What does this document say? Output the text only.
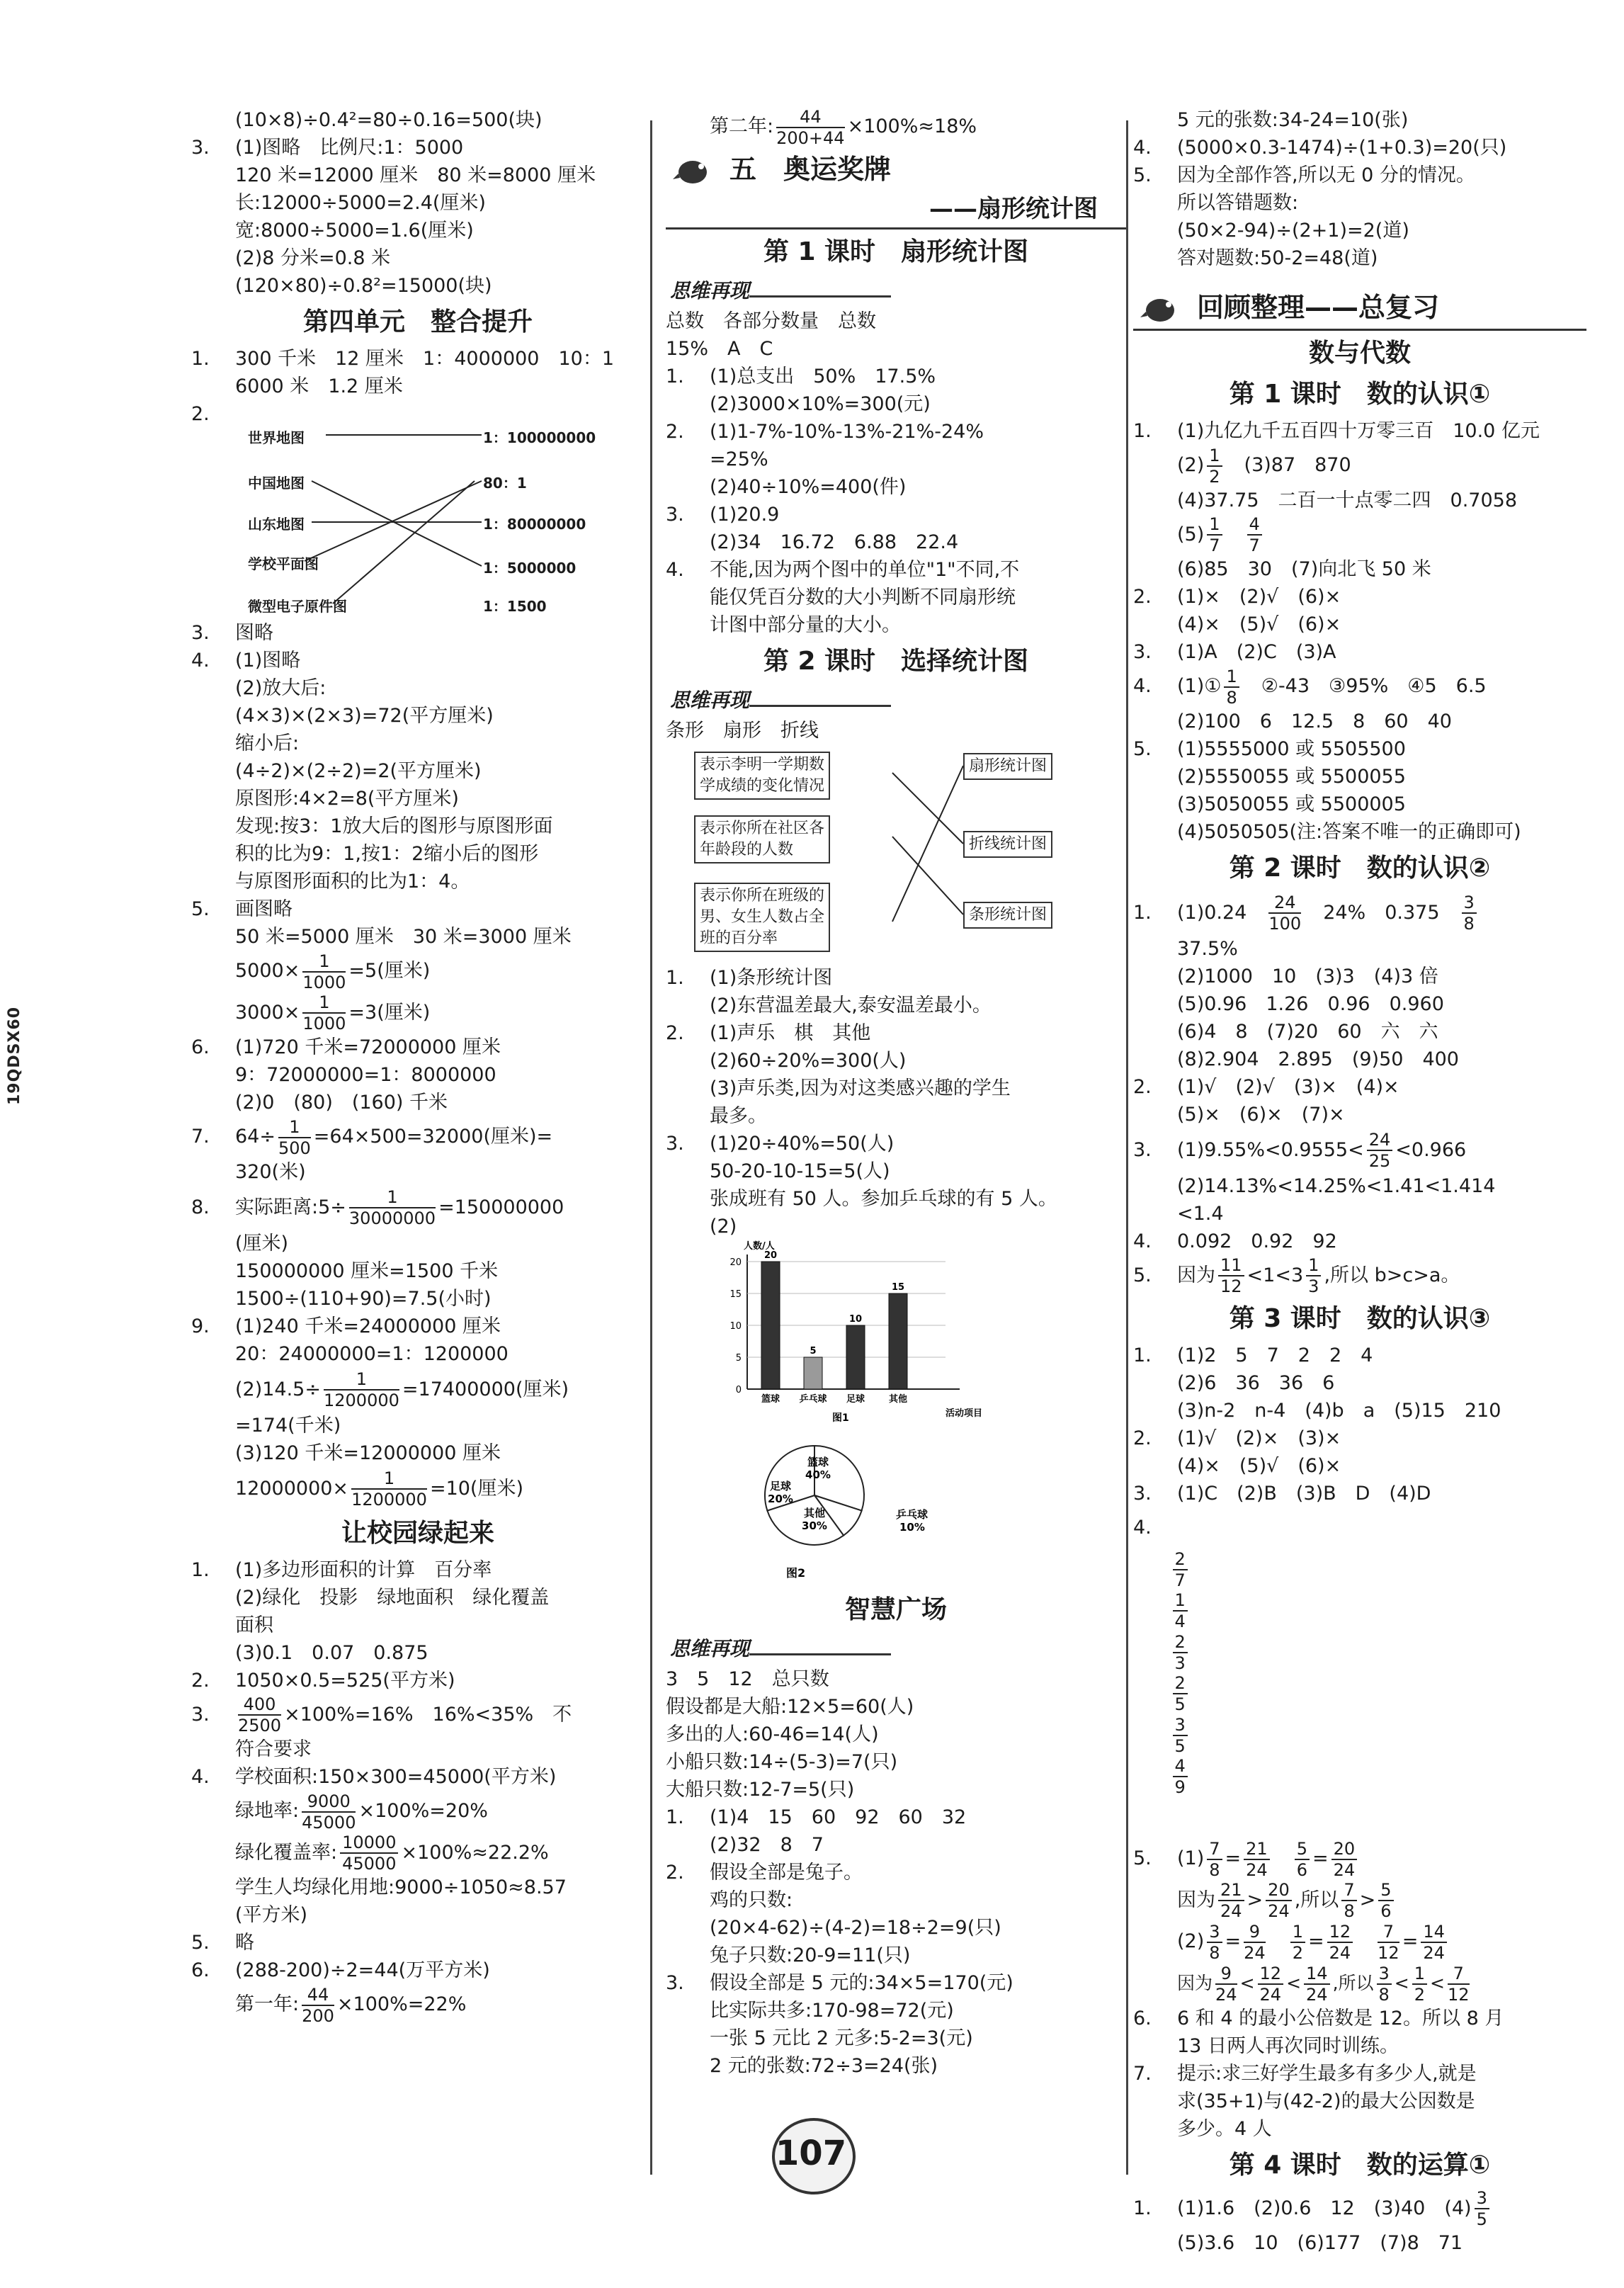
19QDSX60
(10×8)÷0.4²=80÷0.16=500(块)
3. (1)图略　比例尺:1：5000
120 米=12000 厘米　80 米=8000 厘米
长:12000÷5000=2.4(厘米)
宽:8000÷5000=1.6(厘米)
(2)8 分米=0.8 米
(120×80)÷0.8²=15000(块)
第四单元　整合提升
1. 300 千米　12 厘米　1：4000000　10：1
6000 米　1.2 厘米
2.
世界地图
中国地图
山东地图
学校平面图
微型电子原件图
1：100000000
80：1
1：80000000
1：5000000
1：1500
3. 图略
4. (1)图略
(2)放大后:
(4×3)×(2×3)=72(平方厘米)
缩小后:
(4÷2)×(2÷2)=2(平方厘米)
原图形:4×2=8(平方厘米)
发现:按3：1放大后的图形与原图形面
积的比为9：1,按1：2缩小后的图形
与原图形面积的比为1：4。
5. 画图略
50 米=5000 厘米　30 米=3000 厘米
$5000\times \frac{1}{1000} =5$(厘米)
$3000\times \frac{1}{1000} =3$(厘米)
6. (1)720 千米=72000000 厘米
9：72000000=1：8000000
(2)0　(80)　(160) 千米
7. $64\div \frac{1}{500} =64\times 500=32000$(厘米)=
320(米)
8. 实际距离:5÷ $\frac{1}{30000000} =150000000$
(厘米)
150000000 厘米=1500 千米
1500÷(110+90)=7.5(小时)
9. (1)240 千米=24000000 厘米
20：24000000=1：1200000
$(2)14.5\div \frac{1}{1200000} =17400000$(厘米)
=174(千米)
(3)120 千米=12000000 厘米
$12000000\times \frac{1}{1200000} =10$(厘米)
让校园绿起来
1. (1)多边形面积的计算　百分率
(2)绿化　投影　绿地面积　绿化覆盖
面积
(3)0.1　0.07　0.875
2. 1050×0.5=525(平方米)
3. $\frac{400}{2500} \times 100\%=16\%$　16%<35%　不
符合要求
4. 学校面积:150×300=45000(平方米)
绿地率: $\frac{9000}{45000} \times 100\%=20\%$
绿化覆盖率: $\frac{10000}{45000} \times 100\%\approx 22.2\%$
学生人均绿化用地:9000÷1050≈8.57
(平方米)
5. 略
6. (288-200)÷2=44(万平方米)
第一年: $\frac{44}{200} \times 100\%=22\%$
第二年: $\frac{44}{200+44} \times 100\%\approx 18\%$
五　奥运奖牌
——扇形统计图
第 1 课时　扇形统计图
思维再现
总数　各部分数量　总数
15%　A　C
1. (1)总支出　50%　17.5%
(2)3000×10%=300(元)
2. (1)1-7%-10%-13%-21%-24%
=25%
(2)40÷10%=400(件)
3. (1)20.9
(2)34　16.72　6.88　22.4
4. 不能,因为两个图中的单位"1"不同,不
能仅凭百分数的大小判断不同扇形统
计图中部分量的大小。
第 2 课时　选择统计图
思维再现
条形　扇形　折线
表示李明一学期数
学成绩的变化情况
表示你所在社区各
年龄段的人数
表示你所在班级的
男、女生人数占全
班的百分率
扇形统计图
折线统计图
条形统计图
1. (1)条形统计图
(2)东营温差最大,泰安温差最小。
2. (1)声乐　棋　其他
(2)60÷20%=300(人)
(3)声乐类,因为对这类感兴趣的学生
最多。
3. (1)20÷40%=50(人)
50-20-10-15=5(人)
张成班有 50 人。参加乒乓球的有 5 人。
(2)
人数/人
活动项目
0
5
10
15
20
20
篮球
5
乒乓球
10
足球
15
其他
图1
篮球
40%
乒乓球
10%
其他
30%
足球
20%
图2
智慧广场
思维再现
3　5　12　总只数
假设都是大船:12×5=60(人)
多出的人:60-46=14(人)
小船只数:14÷(5-3)=7(只)
大船只数:12-7=5(只)
1. (1)4　15　60　92　60　32
(2)32　8　7
2. 假设全部是兔子。
鸡的只数:
(20×4-62)÷(4-2)=18÷2=9(只)
兔子只数:20-9=11(只)
3. 假设全部是 5 元的:34×5=170(元)
比实际共多:170-98=72(元)
一张 5 元比 2 元多:5-2=3(元)
2 元的张数:72÷3=24(张)
5 元的张数:34-24=10(张)
4. (5000×0.3-1474)÷(1+0.3)=20(只)
5. 因为全部作答,所以无 0 分的情况。
所以答错题数:
(50×2-94)÷(2+1)=2(道)
答对题数:50-2=48(道)
回顾整理——总复习
数与代数
第 1 课时　数的认识①
1. (1)九亿九千五百四十万零三百　10.0 亿元
$(2) \frac{1}{2}$
　 (3)87　870
(4)37.75　二百一十点零二四　0.7058
$(5) \frac{1}{7}$
　 $\frac{4}{7}$
(6)85　30　(7)向北飞 50 米
2. (1)×　(2)√　(6)×
(4)×　(5)√　(6)×
3. (1)A　(2)C　(3)A
4. (1)① $\frac{1}{8}$
　 ②-43　③95%　④5　6.5
(2)100　6　12.5　8　60　40
5. (1)5555000 或 5505500
(2)5550055 或 5500055
(3)5050055 或 5500005
(4)5050505(注:答案不唯一的正确即可)
第 2 课时　数的认识②
1. (1)0.24　 $\frac{24}{100}$
　 24%　0.375　 $\frac{3}{8}$
37.5%
(2)1000　10　(3)3　(4)3 倍
(5)0.96　1.26　0.96　0.960
(6)4　8　(7)20　60　六　六
(8)2.904　2.895　(9)50　400
2. (1)√　(2)√　(3)×　(4)×
(5)×　(6)×　(7)×
3. $(1)9.55\%<0.9555< \frac{24}{25} <0.966$
(2)14.13%<14.25%<1.41<1.414
<1.4
4. 0.092　0.92　92
5. 因为 $\frac{11}{12} <1<3 \frac{1}{3}$ ,所以 b>c>a。
第 3 课时　数的认识③
1. (1)2　5　7　2　2　4
(2)6　36　36　6
(3)n-2　n-4　(4)b　a　(5)15　210
2. (1)√　(2)×　(3)×
(4)×　(5)√　(6)×
3. (1)C　(2)B　(3)B　D　(4)D
4.

$\frac{2}{7}$

$\frac{1}{4}$

$\frac{2}{3}$

$\frac{2}{5}$

$\frac{3}{5}$

$\frac{4}{9}$

5. $(1) \frac{7}{8} = \frac{21}{24}$
　 $\frac{5}{6} = \frac{20}{24}$
因为 $\frac{21}{24} > \frac{20}{24}$ ,所以 $\frac{7}{8} > \frac{5}{6}$
$(2) \frac{3}{8} = \frac{9}{24}$
　 $\frac{1}{2} = \frac{12}{24}$
　 $\frac{7}{12} = \frac{14}{24}$
因为 $\frac{9}{24} < \frac{12}{24} < \frac{14}{24}$ ,所以 $\frac{3}{8} < \frac{1}{2} < \frac{7}{12}$
6. 6 和 4 的最小公倍数是 12。所以 8 月
13 日两人再次同时训练。
7. 提示:求三好学生最多有多少人,就是
求(35+1)与(42-2)的最大公因数是
多少。4 人
第 4 课时　数的运算①
1. (1)1.6　(2)0.6　12　(3)40　$(4) \frac{3}{5}$
(5)3.6　10　(6)177　(7)8　71
107
